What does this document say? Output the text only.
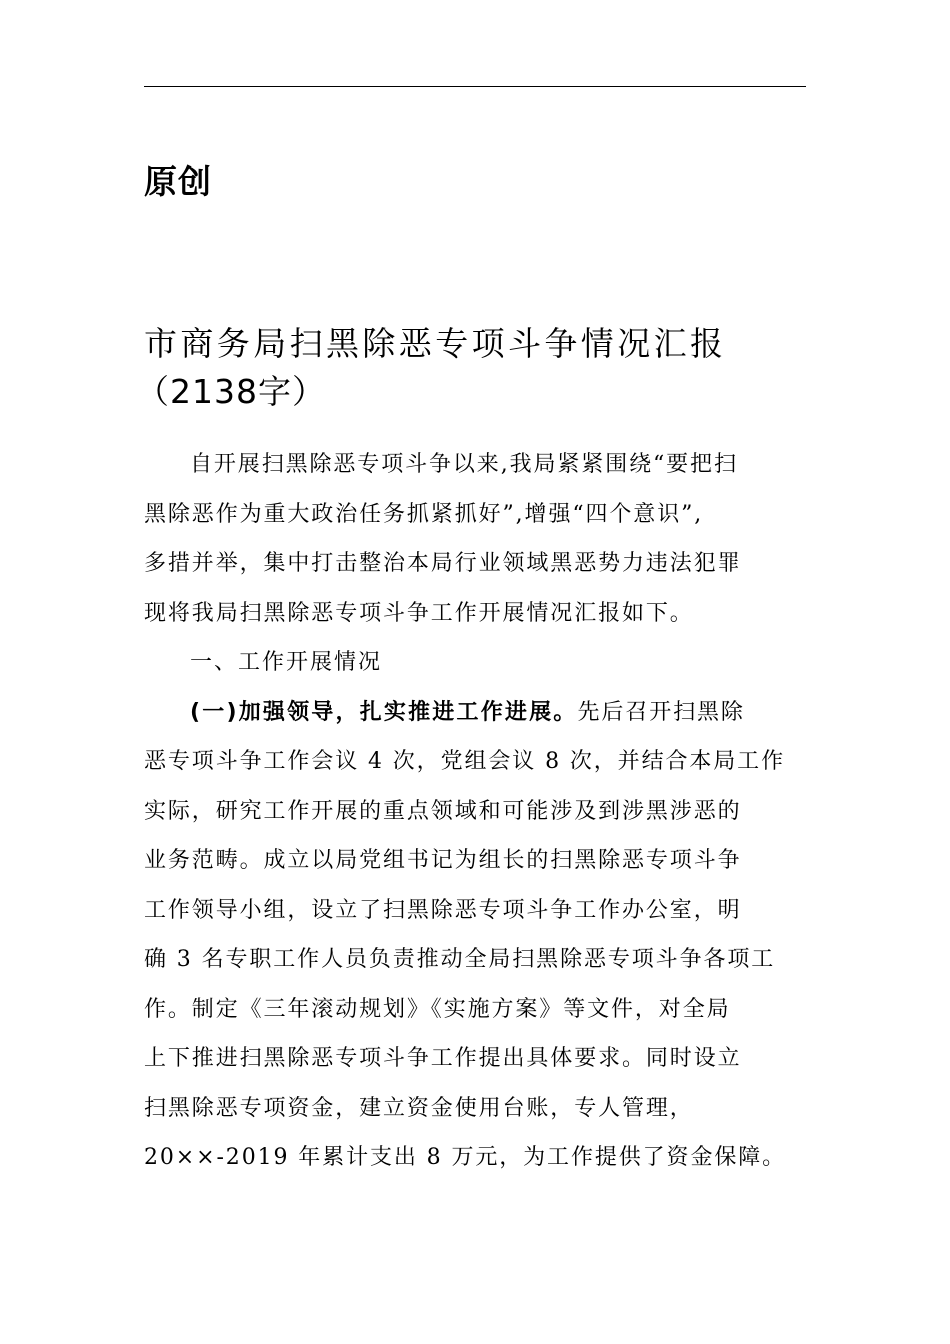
原创
市商务局扫黑除恶专项斗争情况汇报
（2138字）
自开展扫黑除恶专项斗争以来,我局紧紧围绕“要把扫
黑除恶作为重大政治任务抓紧抓好”,增强“四个意识”,
多措并举，集中打击整治本局行业领域黑恶势力违法犯罪
现将我局扫黑除恶专项斗争工作开展情况汇报如下。
一、工作开展情况
(一)加强领导，扎实推进工作进展。先后召开扫黑除
恶专项斗争工作会议 4 次，党组会议 8 次，并结合本局工作
实际，研究工作开展的重点领域和可能涉及到涉黑涉恶的
业务范畴。成立以局党组书记为组长的扫黑除恶专项斗争
工作领导小组，设立了扫黑除恶专项斗争工作办公室，明
确 3 名专职工作人员负责推动全局扫黑除恶专项斗争各项工
作。制定《三年滚动规划》《实施方案》等文件，对全局
上下推进扫黑除恶专项斗争工作提出具体要求。同时设立
扫黑除恶专项资金，建立资金使用台账，专人管理，
20××-2019 年累计支出 8 万元，为工作提供了资金保障。
